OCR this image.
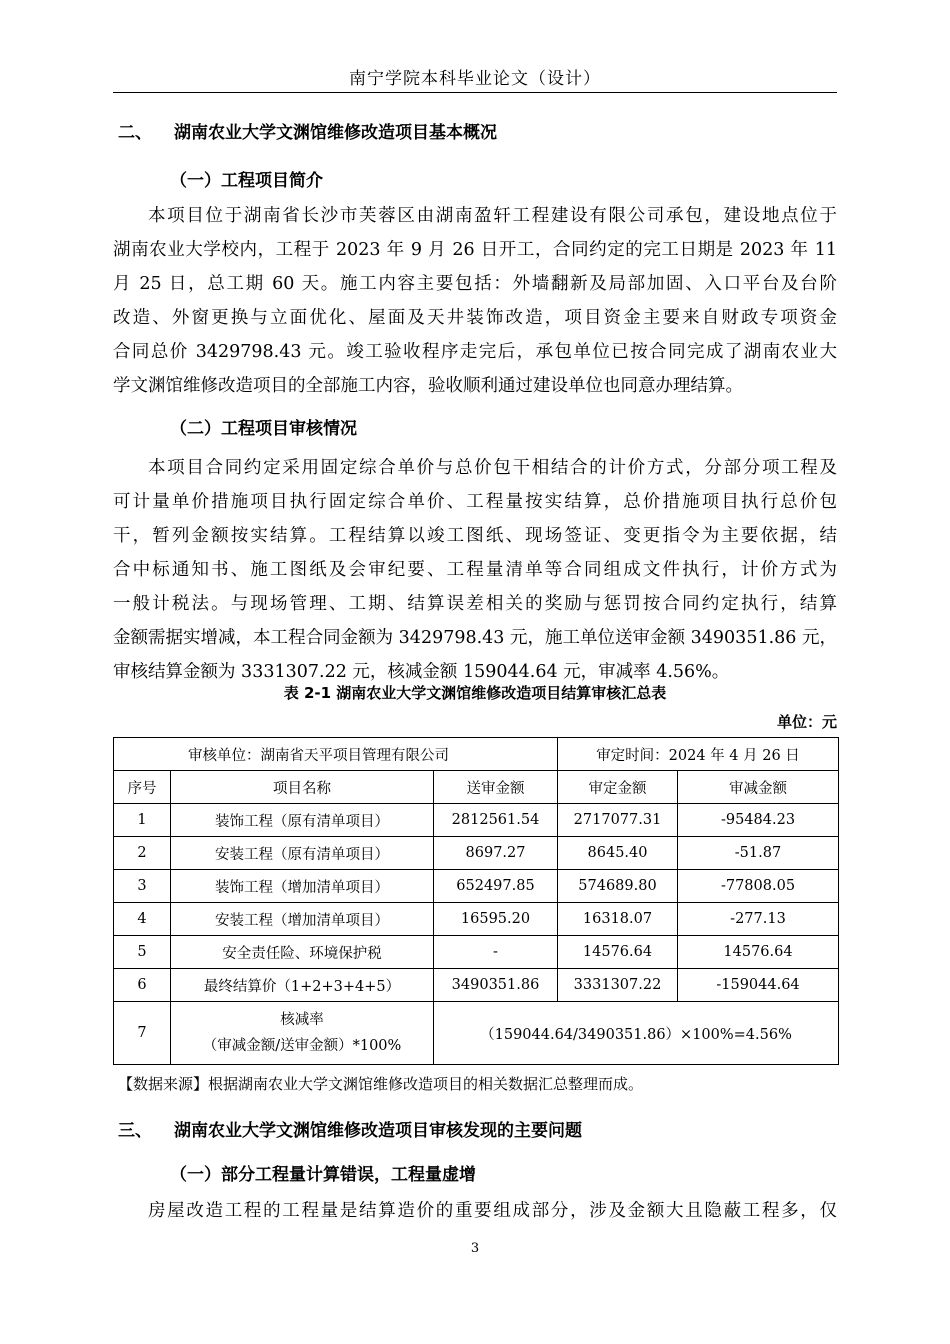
南宁学院本科毕业论文（设计）
二、 湖南农业大学文渊馆维修改造项目基本概况
（一）工程项目简介
本项目位于湖南省长沙市芙蓉区由湖南盈轩工程建设有限公司承包，建设地点位于
湖南农业大学校内，工程于 2023 年 9 月 26 日开工，合同约定的完工日期是 2023 年 11
月 25 日，总工期 60 天。施工内容主要包括：外墙翻新及局部加固、入口平台及台阶
改造、外窗更换与立面优化、屋面及天井装饰改造，项目资金主要来自财政专项资金
合同总价 3429798.43 元。竣工验收程序走完后，承包单位已按合同完成了湖南农业大
学文渊馆维修改造项目的全部施工内容，验收顺利通过建设单位也同意办理结算。
（二）工程项目审核情况
本项目合同约定采用固定综合单价与总价包干相结合的计价方式，分部分项工程及
可计量单价措施项目执行固定综合单价、工程量按实结算，总价措施项目执行总价包
干，暂列金额按实结算。工程结算以竣工图纸、现场签证、变更指令为主要依据，结
合中标通知书、施工图纸及会审纪要、工程量清单等合同组成文件执行，计价方式为
一般计税法。与现场管理、工期、结算误差相关的奖励与惩罚按合同约定执行，结算
金额需据实增减，本工程合同金额为 3429798.43 元，施工单位送审金额 3490351.86 元，
审核结算金额为 3331307.22 元，核减金额 159044.64 元，审减率 4.56%。
表 2-1 湖南农业大学文渊馆维修改造项目结算审核汇总表
单位：元
审核单位：湖南省天平项目管理有限公司			审定时间：2024 年 4 月 26 日	
序号	项目名称	送审金额	审定金额	审减金额
1	装饰工程（原有清单项目）	2812561.54	2717077.31	-95484.23
2	安装工程（原有清单项目）	8697.27	8645.40	-51.87
3	装饰工程（增加清单项目）	652497.85	574689.80	-77808.05
4	安装工程（增加清单项目）	16595.20	16318.07	-277.13
5	安全责任险、环境保护税	-	14576.64	14576.64
6	最终结算价（1+2+3+4+5）	3490351.86	3331307.22	-159044.64
7	核减率
（审减金额/送审金额）*100%	（159044.64/3490351.86）×100%=4.56%		
【数据来源】根据湖南农业大学文渊馆维修改造项目的相关数据汇总整理而成。
三、 湖南农业大学文渊馆维修改造项目审核发现的主要问题
（一）部分工程量计算错误，工程量虚增
房屋改造工程的工程量是结算造价的重要组成部分，涉及金额大且隐蔽工程多，仅
3
